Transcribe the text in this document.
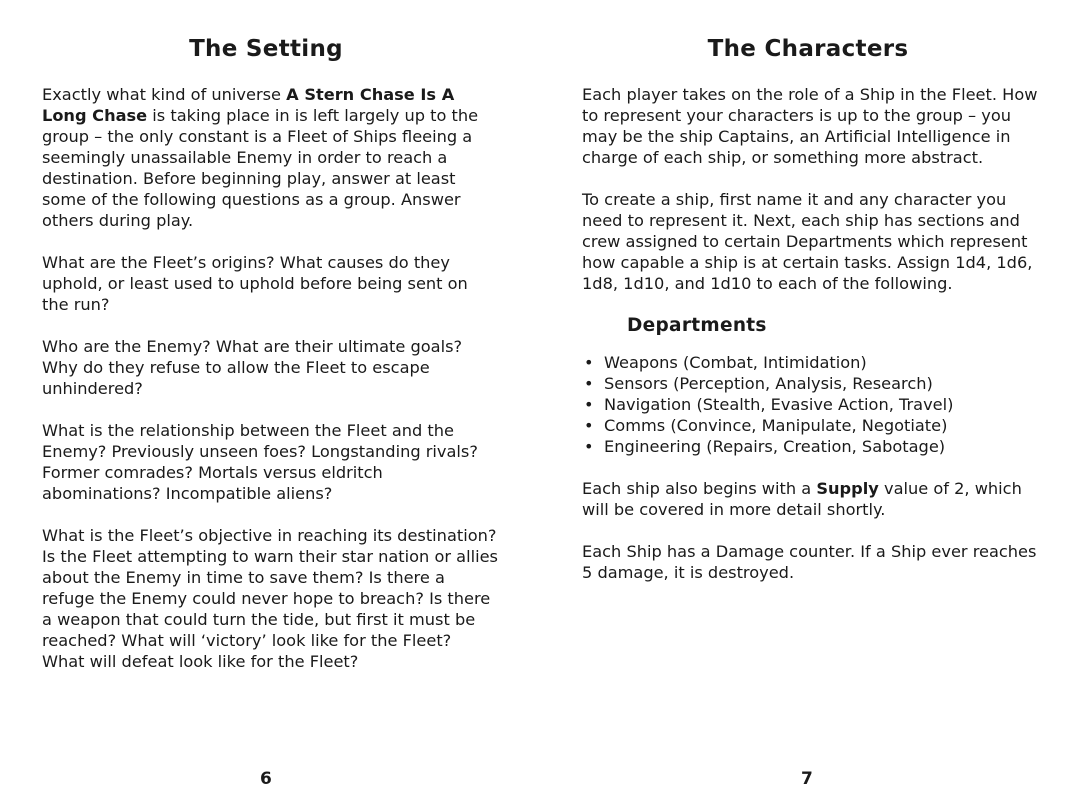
The Setting

Exactly what kind of universe A Stern Chase Is A Long Chase is taking place in is left largely up to the group – the only constant is a Fleet of Ships fleeing a seemingly unassailable Enemy in order to reach a destination. Before beginning play, answer at least some of the following questions as a group. Answer others during play.

What are the Fleet’s origins? What causes do they uphold, or least used to uphold before being sent on the run?

Who are the Enemy? What are their ultimate goals? Why do they refuse to allow the Fleet to escape unhindered?

What is the relationship between the Fleet and the Enemy? Previously unseen foes? Longstanding rivals? Former comrades? Mortals versus eldritch abominations? Incompatible aliens?

What is the Fleet’s objective in reaching its destination? Is the Fleet attempting to warn their star nation or allies about the Enemy in time to save them? Is there a refuge the Enemy could never hope to breach? Is there a weapon that could turn the tide, but first it must be reached? What will ‘victory’ look like for the Fleet? What will defeat look like for the Fleet?

6
The Characters

Each player takes on the role of a Ship in the Fleet. How to represent your characters is up to the group – you may be the ship Captains, an Artificial Intelligence in charge of each ship, or something more abstract.

To create a ship, first name it and any character you need to represent it. Next, each ship has sections and crew assigned to certain Departments which represent how capable a ship is at certain tasks. Assign 1d4, 1d6, 1d8, 1d10, and 1d10 to each of the following.

Departments
• Weapons (Combat, Intimidation)
• Sensors (Perception, Analysis, Research)
• Navigation (Stealth, Evasive Action, Travel)
• Comms (Convince, Manipulate, Negotiate)
• Engineering (Repairs, Creation, Sabotage)

Each ship also begins with a Supply value of 2, which will be covered in more detail shortly.

Each Ship has a Damage counter. If a Ship ever reaches 5 damage, it is destroyed.

7
